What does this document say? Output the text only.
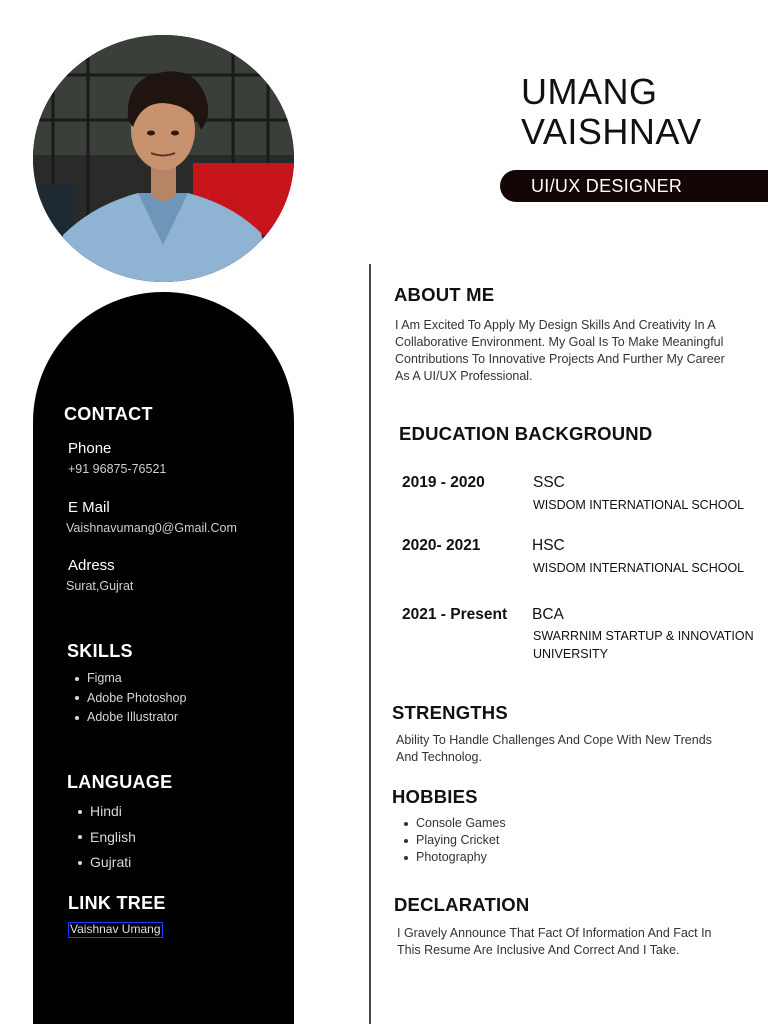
UMANG
VAISHNAV
UI/UX DESIGNER
CONTACT
Phone
+91 96875-76521
E Mail
Vaishnavumang0@Gmail.Com
Adress
Surat,Gujrat
SKILLS
Figma
Adobe Photoshop
Adobe Illustrator
LANGUAGE
Hindi
English
Gujrati
LINK TREE
Vaishnav Umang
ABOUT ME
I Am Excited To Apply My Design Skills And Creativity In A
Collaborative Environment. My Goal Is To Make Meaningful
Contributions To Innovative Projects And Further My Career
As A UI/UX Professional.
EDUCATION BACKGROUND
2019 - 2020	SSC
WISDOM INTERNATIONAL SCHOOL
2020- 2021	HSC
WISDOM INTERNATIONAL SCHOOL
2021 - Present BCA
SWARRNIM STARTUP & INNOVATION
UNIVERSITY
STRENGTHS
Ability To Handle Challenges And Cope With New Trends
And Technolog.
HOBBIES
Console Games
Playing Cricket
Photography
DECLARATION
I Gravely Announce That Fact Of Information And Fact In
This Resume Are Inclusive And Correct And I Take.
